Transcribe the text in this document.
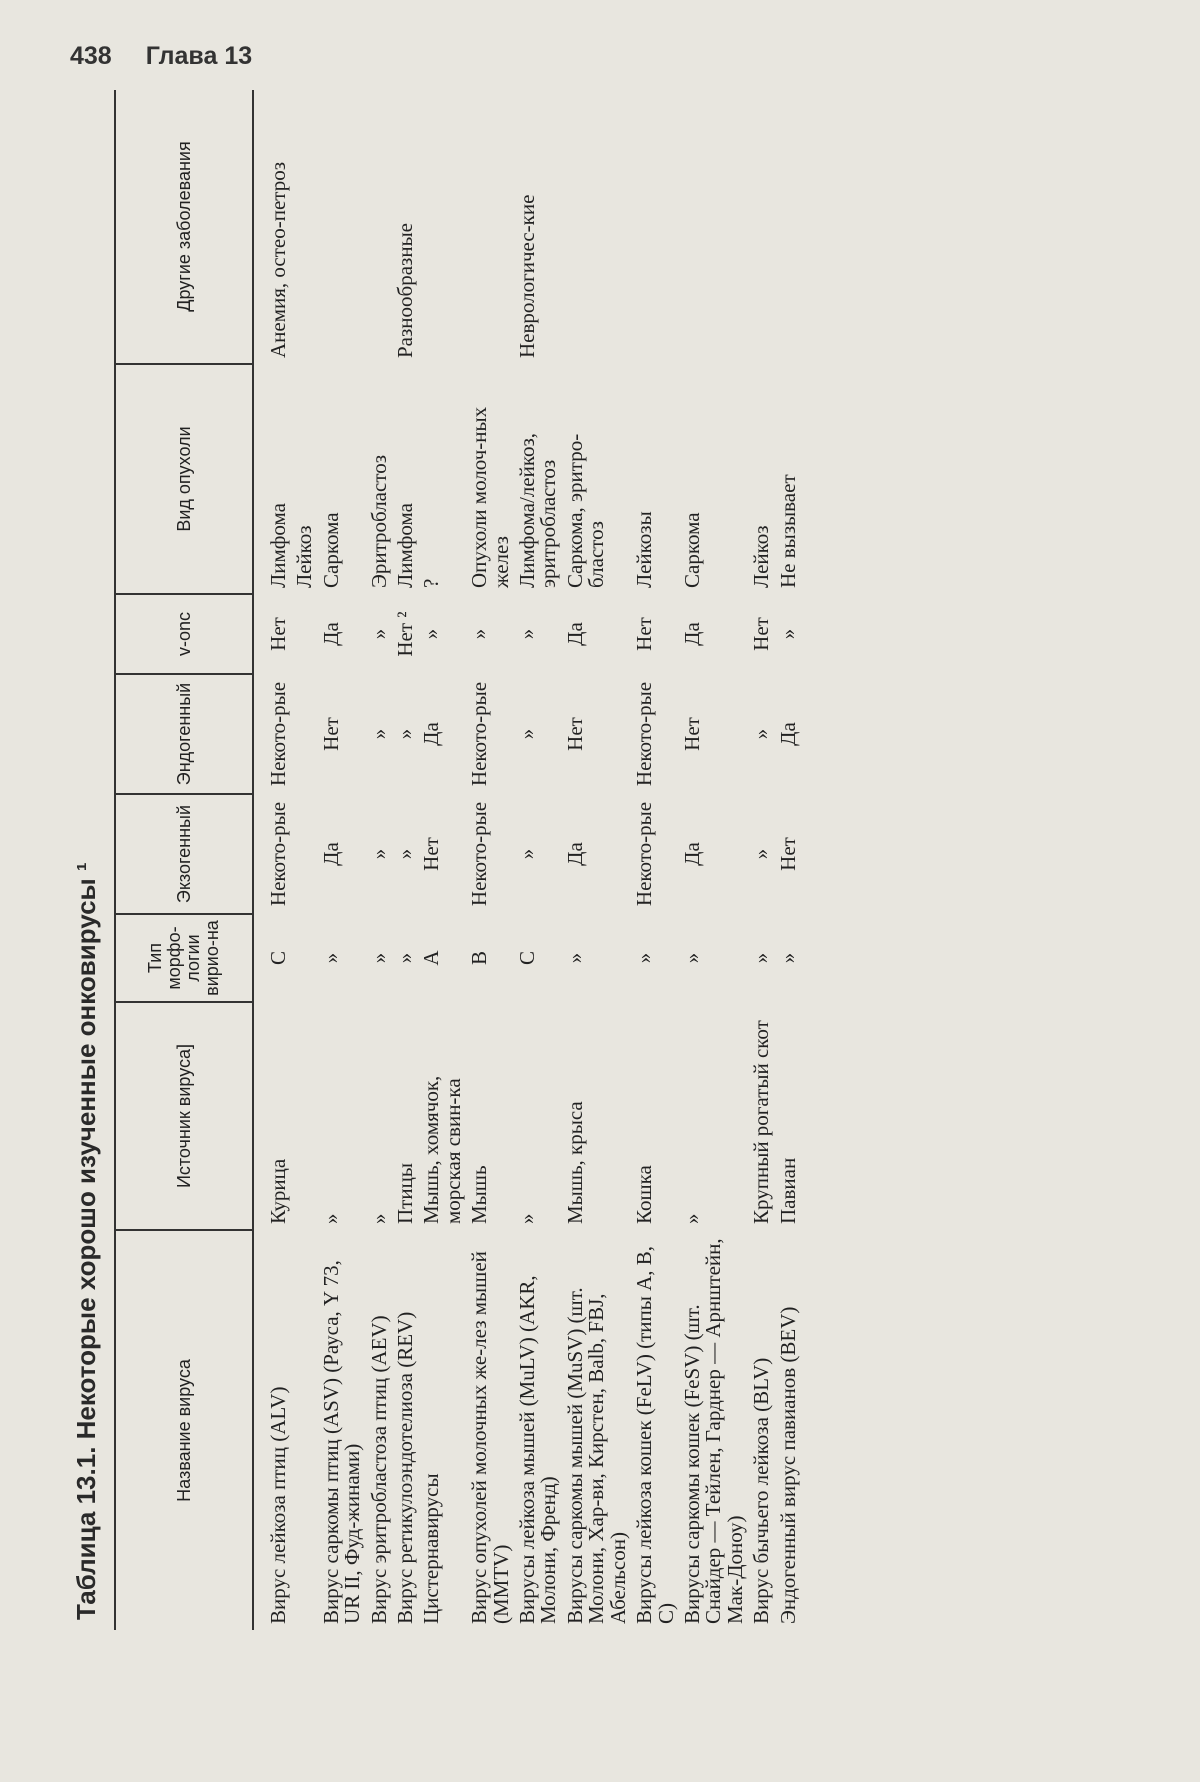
438 Глава 13
Таблица 13.1. Некоторые хорошо изученные онковирусы ¹	Название вируса	Источник вируса]	Тип морфо-логии вирио-на	Экзогенный	Эндогенный	v-onc	Вид опухоли	Другие заболевания
Вирус лейкоза птиц (ALV)	Курица	C	Некото-рые	Некото-рые	Нет	Лимфома	Анемия, остео-петроз
						Лейкоз	
Вирус саркомы птиц (ASV) (Рауса, Y 73, UR II, Фуд-жинами)	»	»	Да	Нет	Да	Саркома	
Вирус эритробластоза птиц (AEV)	»	»	»	»	»	Эритробластоз	
Вирус ретикулоэндотелиоза (REV)	Птицы	»	»	»	Нет ²	Лимфома	Разнообразные
Цистернавирусы	Мышь, хомячок, морская свин-ка	A	Нет	Да	»	?	
Вирус опухолей молочных же-лез мышей (MMTV)	Мышь	B	Некото-рые	Некото-рые	»	Опухоли молоч-ных желез	
Вирусы лейкоза мышей (MuLV) (AKR, Молони, Френд)	»	C	»	»	»	Лимфома/лейкоз, эритробластоз	Неврологичес-кие
Вирусы саркомы мышей (MuSV) (шт. Молони, Хар-ви, Кирстен, Balb, FBJ, Абельсон)	Мышь, крыса	»	Да	Нет	Да	Саркома, эритро-бластоз	
Вирусы лейкоза кошек (FeLV) (типы A, B, C)	Кошка	»	Некото-рые	Некото-рые	Нет	Лейкозы	
Вирусы саркомы кошек (FeSV) (шт. Снайдер — Тейлен, Гарднер — Арнштейн, Мак-Доноу)	»	»	Да	Нет	Да	Саркома	
Вирус бычьего лейкоза (BLV)	Крупный рогатый скот	»	»	»	Нет	Лейкоз	
Эндогенный вирус павианов (BEV)	Павиан	»	Нет	Да	»	Не вызывает	
